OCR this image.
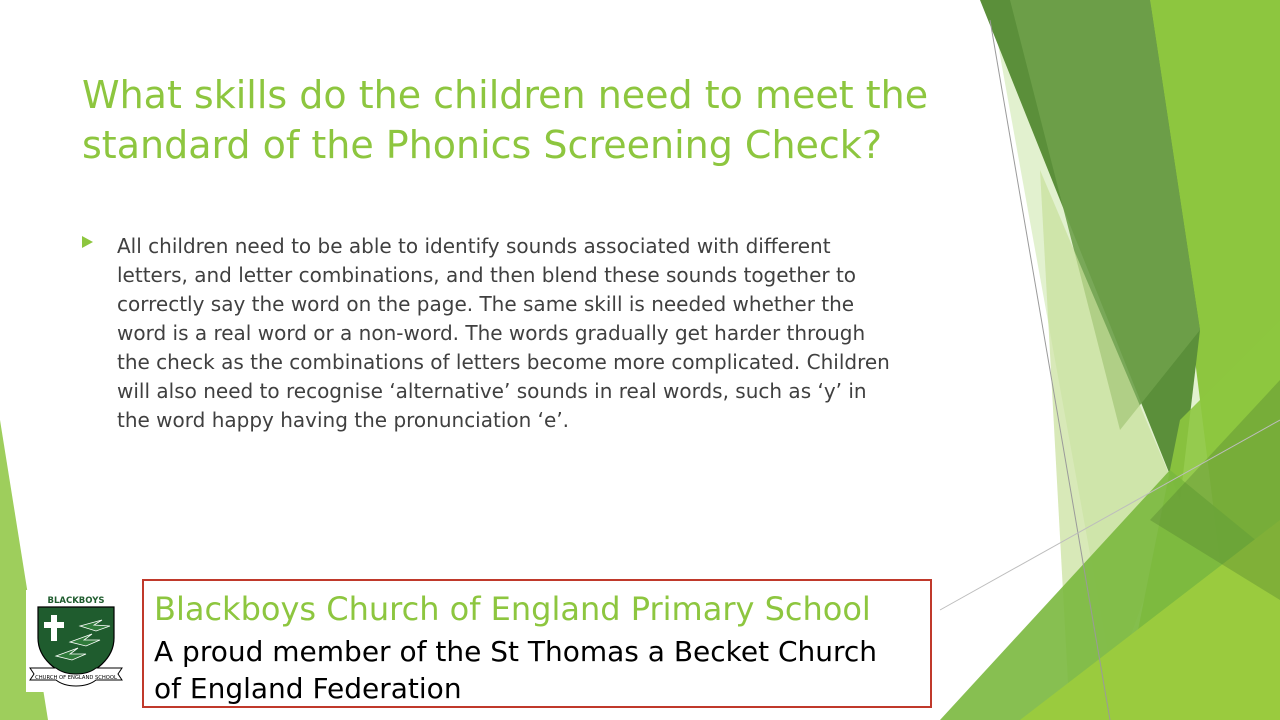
What skills do the children need to meet the
standard of the Phonics Screening Check?
All children need to be able to identify sounds associated with different
letters, and letter combinations, and then blend these sounds together to
correctly say the word on the page. The same skill is needed whether the
word is a real word or a non-word. The words gradually get harder through
the check as the combinations of letters become more complicated. Children
will also need to recognise ‘alternative’ sounds in real words, such as ‘y’ in
the word happy having the pronunciation ‘e’.
BLACKBOYS
CHURCH OF ENGLAND SCHOOL
Blackboys Church of England Primary School
A proud member of the St Thomas a Becket Church
of England Federation
